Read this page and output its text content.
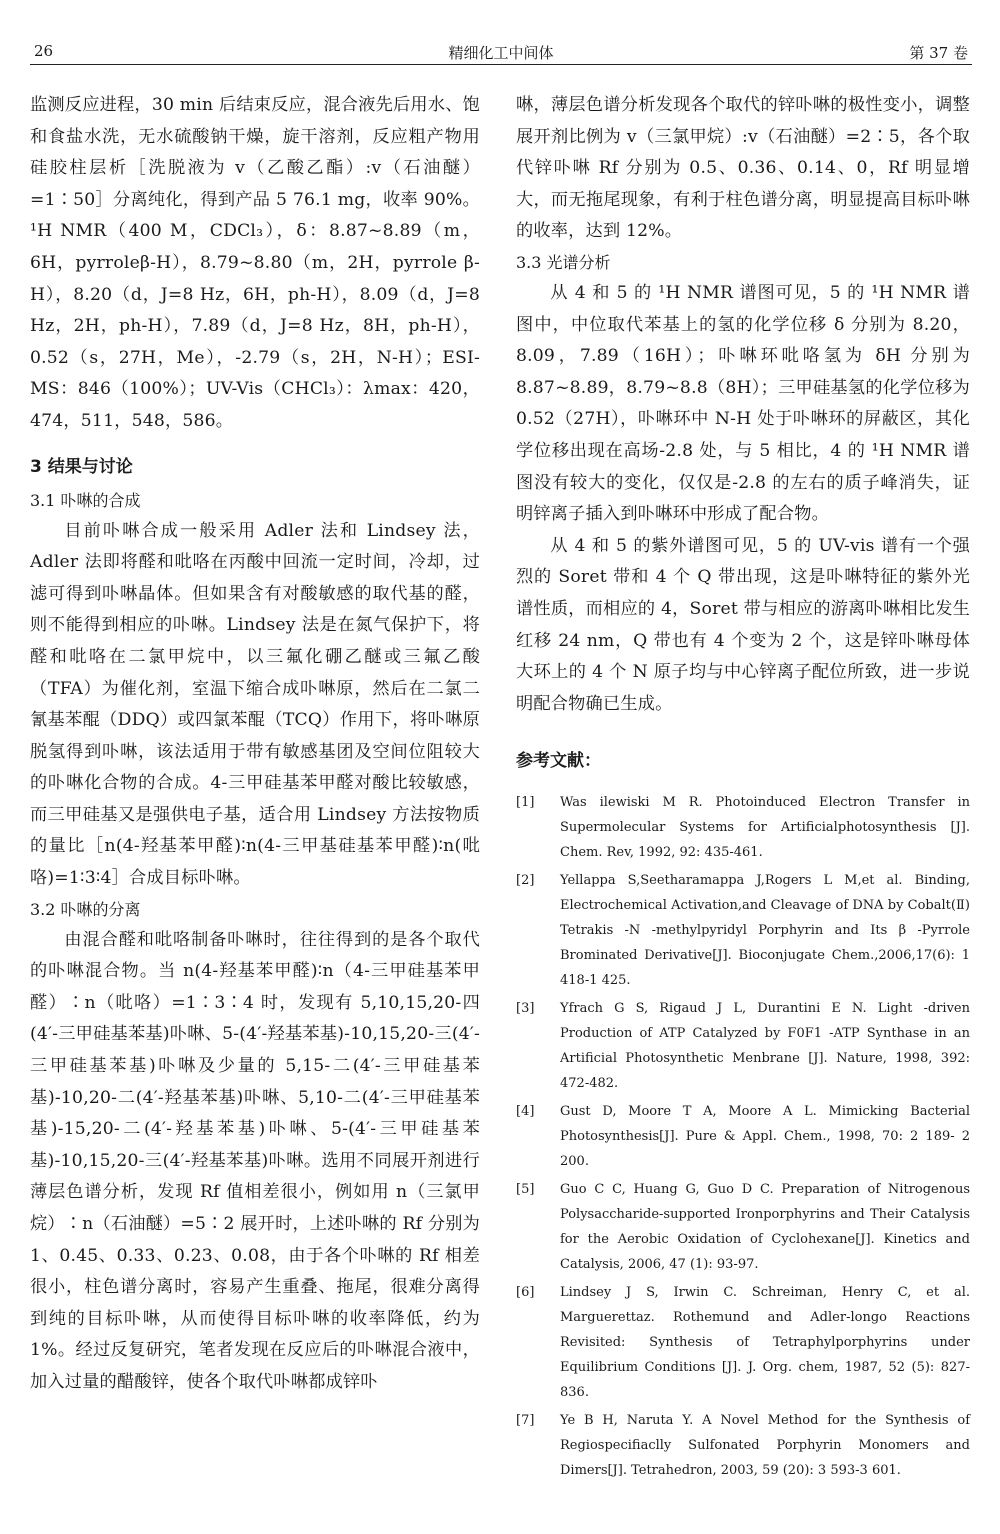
26	精细化工中间体	第 37 卷

监测反应进程，30 min 后结束反应，混合液先后用水、饱和食盐水洗，无水硫酸钠干燥，旋干溶剂，反应粗产物用硅胶柱层析［洗脱液为 v（乙酸乙酯）:v（石油醚）=1∶50］分离纯化，得到产品 5 76.1 mg，收率 90%。¹H NMR（400 M，CDCl₃），δ：8.87~8.89（m，6H，pyrroleβ-H），8.79~8.80（m，2H，pyrrole β-H），8.20（d，J=8 Hz，6H，ph-H），8.09（d，J=8 Hz，2H，ph-H），7.89（d，J=8 Hz，8H，ph-H），0.52（s，27H，Me），-2.79（s，2H，N-H）；ESI-MS：846（100%）；UV-Vis（CHCl₃）：λmax：420，474，511，548，586。

3 结果与讨论
3.1 卟啉的合成

目前卟啉合成一般采用 Adler 法和 Lindsey 法，Adler 法即将醛和吡咯在丙酸中回流一定时间，冷却，过滤可得到卟啉晶体。但如果含有对酸敏感的取代基的醛，则不能得到相应的卟啉。Lindsey 法是在氮气保护下，将醛和吡咯在二氯甲烷中，以三氟化硼乙醚或三氟乙酸（TFA）为催化剂，室温下缩合成卟啉原，然后在二氯二氰基苯醌（DDQ）或四氯苯醌（TCQ）作用下，将卟啉原脱氢得到卟啉，该法适用于带有敏感基团及空间位阻较大的卟啉化合物的合成。4-三甲硅基苯甲醛对酸比较敏感，而三甲硅基又是强供电子基，适合用 Lindsey 方法按物质的量比［n(4-羟基苯甲醛)∶n(4-三甲基硅基苯甲醛)∶n(吡咯)=1∶3∶4］合成目标卟啉。

3.2 卟啉的分离

由混合醛和吡咯制备卟啉时，往往得到的是各个取代的卟啉混合物。当 n(4-羟基苯甲醛)∶n（4-三甲硅基苯甲醛）∶n（吡咯）=1∶3∶4 时，发现有 5,10,15,20-四(4′-三甲硅基苯基)卟啉、5-(4′-羟基苯基)-10,15,20-三(4′-三甲硅基苯基)卟啉及少量的 5,15-二(4′-三甲硅基苯基)-10,20-二(4′-羟基苯基)卟啉、5,10-二(4′-三甲硅基苯基)-15,20-二(4′-羟基苯基)卟啉、5-(4′-三甲硅基苯基)-10,15,20-三(4′-羟基苯基)卟啉。选用不同展开剂进行薄层色谱分析，发现 Rf 值相差很小，例如用 n（三氯甲烷）∶n（石油醚）=5∶2 展开时，上述卟啉的 Rf 分别为 1、0.45、0.33、0.23、0.08，由于各个卟啉的 Rf 相差很小，柱色谱分离时，容易产生重叠、拖尾，很难分离得到纯的目标卟啉，从而使得目标卟啉的收率降低，约为 1%。经过反复研究，笔者发现在反应后的卟啉混合液中，加入过量的醋酸锌，使各个取代卟啉都成锌卟

啉，薄层色谱分析发现各个取代的锌卟啉的极性变小，调整展开剂比例为 v（三氯甲烷）:v（石油醚）=2∶5，各个取代锌卟啉 Rf 分别为 0.5、0.36、0.14、0，Rf 明显增大，而无拖尾现象，有利于柱色谱分离，明显提高目标卟啉的收率，达到 12%。

3.3 光谱分析

从 4 和 5 的 ¹H NMR 谱图可见，5 的 ¹H NMR 谱图中，中位取代苯基上的氢的化学位移 δ 分别为 8.20，8.09，7.89（16H）；卟啉环吡咯氢为 δH 分别为 8.87~8.89，8.79~8.8（8H）；三甲硅基氢的化学位移为 0.52（27H），卟啉环中 N-H 处于卟啉环的屏蔽区，其化学位移出现在高场-2.8 处，与 5 相比，4 的 ¹H NMR 谱图没有较大的变化，仅仅是-2.8 的左右的质子峰消失，证明锌离子插入到卟啉环中形成了配合物。

从 4 和 5 的紫外谱图可见，5 的 UV-vis 谱有一个强烈的 Soret 带和 4 个 Q 带出现，这是卟啉特征的紫外光谱性质，而相应的 4，Soret 带与相应的游离卟啉相比发生红移 24 nm，Q 带也有 4 个变为 2 个，这是锌卟啉母体大环上的 4 个 N 原子均与中心锌离子配位所致，进一步说明配合物确已生成。

参考文献：
[1] Was ilewiski M R. Photoinduced Electron Transfer in Supermolecular Systems for Artificialphotosynthesis [J]. Chem. Rev, 1992, 92: 435-461.
[2] Yellappa S,Seetharamappa J,Rogers L M,et al. Binding, Electrochemical Activation,and Cleavage of DNA by Cobalt(Ⅱ) Tetrakis -N -methylpyridyl Porphyrin and Its β -Pyrrole Brominated Derivative[J]. Bioconjugate Chem.,2006,17(6): 1 418-1 425.
[3] Yfrach G S, Rigaud J L, Durantini E N. Light -driven Production of ATP Catalyzed by F0F1 -ATP Synthase in an Artificial Photosynthetic Menbrane [J]. Nature, 1998, 392: 472-482.
[4] Gust D, Moore T A, Moore A L. Mimicking Bacterial Photosynthesis[J]. Pure & Appl. Chem., 1998, 70: 2 189- 2 200.
[5] Guo C C, Huang G, Guo D C. Preparation of Nitrogenous Polysaccharide-supported Ironporphyrins and Their Catalysis for the Aerobic Oxidation of Cyclohexane[J]. Kinetics and Catalysis, 2006, 47 (1): 93-97.
[6] Lindsey J S, Irwin C. Schreiman, Henry C, et al. Marguerettaz. Rothemund and Adler-longo Reactions Revisited: Synthesis of Tetraphylporphyrins under Equilibrium Conditions [J]. J. Org. chem, 1987, 52 (5): 827-836.
[7] Ye B H, Naruta Y. A Novel Method for the Synthesis of Regiospecifiaclly Sulfonated Porphyrin Monomers and Dimers[J]. Tetrahedron, 2003, 59 (20): 3 593-3 601.
